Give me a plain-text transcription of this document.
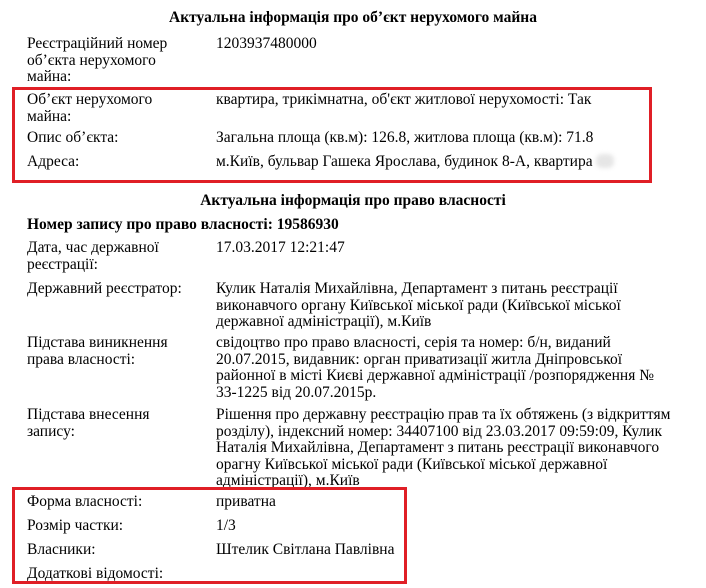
Актуальна інформація про об’єкт нерухомого майна
Реєстраційний номер
об’єкта нерухомого
майна:
1203937480000
Об’єкт нерухомого
майна:
квартира, трикімнатна, об'єкт житлової нерухомості: Так
Опис об’єкта:	Загальна площа (кв.м): 126.8, житлова площа (кв.м): 71.8
Адреса:	м.Київ, бульвар Гашека Ярослава, будинок 8-А, квартира
Актуальна інформація про право власності
Номер запису про право власності: 19586930
Дата, час державної
реєстрації:
17.03.2017 12:21:47
Державний реєстратор: Кулик Наталія Михайлівна, Департамент з питань реєстрації
виконавчого органу Київської міської ради (Київської міської
державної адміністрації), м.Київ
Підстава виникнення
права власності:
свідоцтво про право власності, серія та номер: б/н, виданий
20.07.2015, видавник: орган приватизації житла Дніпровської
районної в місті Києві державної адміністрації /розпорядження №
33-1225 від 20.07.2015р.
Підстава внесення
запису:
Рішення про державну реєстрацію прав та їх обтяжень (з відкриттям
розділу), індексний номер: 34407100 від 23.03.2017 09:59:09, Кулик
Наталія Михайлівна, Департамент з питань реєстрації виконавчого
орагну Київської міської ради (Київської міської державної
адміністрації), м.Київ
Форма власності:	приватна
Розмір частки:	1/3
Власники:	Штелик Світлана Павлівна
Додаткові відомості:
